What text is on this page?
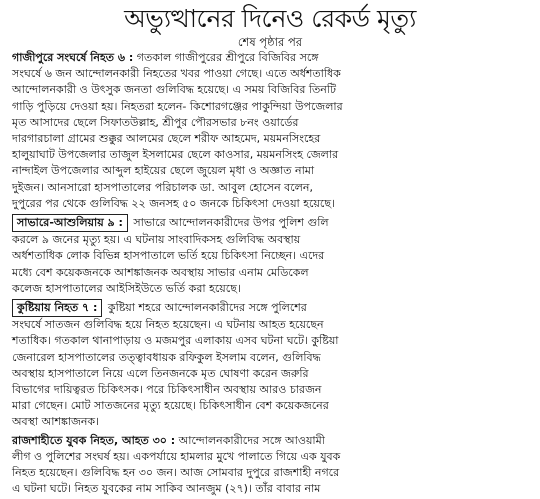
অভ্যুত্থানের দিনেও রেকর্ড মৃত্যু
শেষ পৃষ্ঠার পর
গাজীপুরে সংঘর্ষে নিহত ৬ : গতকাল গাজীপুরের শ্রীপুরে বিজিবির সঙ্গে
সংঘর্ষে ৬ জন আন্দোলনকারী নিহতের খবর পাওয়া গেছে। এতে অর্ধশতাধিক
আন্দোলনকারী ও উৎসুক জনতা গুলিবিদ্ধ হয়েছে। এ সময় বিজিবির তিনটি
গাড়ি পুড়িয়ে দেওয়া হয়। নিহতরা হলেন- কিশোরগঞ্জের পাকুন্দিয়া উপজেলার
মৃত আসাদের ছেলে সিফাতউল্লাহ, শ্রীপুর পৌরসভার ৮নং ওয়ার্ডের
দারগারচালা গ্রামের শুক্কুর আলমের ছেলে শরীফ আহমেদ, ময়মনসিংহের
হালুয়াঘাট উপজেলার তাজুল ইসলামের ছেলে কাওসার, ময়মনসিংহ জেলার
নান্দাইল উপজেলার আব্দুল হাইয়ের ছেলে জুয়েল মৃধা ও অজ্ঞাত নামা
দুইজন। আনসারো হাসপাতালের পরিচালক ডা. আবুল হোসেন বলেন,
দুপুরের পর থেকে গুলিবিদ্ধ ২২ জনসহ ৫০ জনকে চিকিৎসা দেওয়া হয়েছে।
সাভারে-আশুলিয়ায় ৯ : সাভারে আন্দোলনকারীদের উপর পুলিশ গুলি
করলে ৯ জনের মৃত্যু হয়। এ ঘটনায় সাংবাদিকসহ গুলিবিদ্ধ অবস্থায়
অর্ধশতাধিক লোক বিভিন্ন হাসপাতালে ভর্তি হয়ে চিকিৎসা নিচ্ছেন। এদের
মধ্যে বেশ কয়েকজনকে আশঙ্কাজনক অবস্থায় সাভার এনাম মেডিকেল
কলেজ হাসপাতালের আইসিইউতে ভর্তি করা হয়েছে।
কুষ্টিয়ায় নিহত ৭ : কুষ্টিয়া শহরে আন্দোলনকারীদের সঙ্গে পুলিশের
সংঘর্ষে সাতজন গুলিবিদ্ধ হয়ে নিহত হয়েছেন। এ ঘটনায় আহত হয়েছেন
শতাধিক। গতকাল থানাপাড়ায় ও মজমপুর এলাকায় এসব ঘটনা ঘটে। কুষ্টিয়া
জেনারেল হাসপাতালের তত্ত্বাবধায়ক রফিকুল ইসলাম বলেন, গুলিবিদ্ধ
অবস্থায় হাসপাতালে নিয়ে এলে তিনজনকে মৃত ঘোষণা করেন জরুরি
বিভাগের দায়িত্বরত চিকিৎসক। পরে চিকিৎসাধীন অবস্থায় আরও চারজন
মারা গেছেন। মোট সাতজনের মৃত্যু হয়েছে। চিকিৎসাধীন বেশ কয়েকজনের
অবস্থা আশঙ্কাজনক।
রাজশাহীতে যুবক নিহত, আহত ৩০ : আন্দোলনকারীদের সঙ্গে আওয়ামী
লীগ ও পুলিশের সংঘর্ষ হয়। একপর্যায়ে হামলার মুখে পালাতে গিয়ে এক যুবক
নিহত হয়েছেন। গুলিবিদ্ধ হন ৩০ জন। আজ সোমবার দুপুরে রাজশাহী নগরে
এ ঘটনা ঘটে। নিহত যুবকের নাম সাকিব আনজুম (২৭)। তাঁর বাবার নাম
